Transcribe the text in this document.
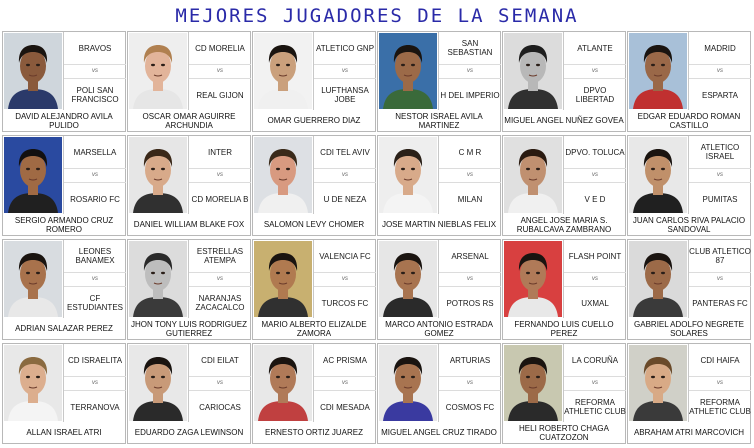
MEJORES JUGADORES DE LA SEMANA
BRAVOS
vs
POLI SAN FRANCISCO
DAVID ALEJANDRO AVILA PULIDO
CD MORELIA
vs
REAL GIJON
OSCAR OMAR AGUIRRE ARCHUNDIA
ATLETICO GNP
vs
LUFTHANSA JOBE
OMAR GUERRERO DIAZ
SAN SEBASTIAN
vs
H DEL IMPERIO
NESTOR ISRAEL AVILA MARTINEZ
ATLANTE
vs
DPVO LIBERTAD
MIGUEL ANGEL NUÑEZ GOVEA
MADRID
vs
ESPARTA
EDGAR EDUARDO ROMAN CASTILLO
MARSELLA
vs
ROSARIO FC
SERGIO ARMANDO CRUZ ROMERO
INTER
vs
CD MORELIA B
DANIEL WILLIAM BLAKE FOX
CDI TEL AVIV
vs
U DE NEZA
SALOMON LEVY CHOMER
C M R
vs
MILAN
JOSE MARTIN NIEBLAS FELIX
DPVO. TOLUCA
vs
V E D
ANGEL JOSE MARIA S. RUBALCAVA ZAMBRANO
ATLETICO ISRAEL
vs
PUMITAS
JUAN CARLOS RIVA PALACIO SANDOVAL
LEONES BANAMEX
vs
CF ESTUDIANTES
ADRIAN SALAZAR PEREZ
ESTRELLAS ATEMPA
vs
NARANJAS ZACACALCO
JHON TONY LUIS RODRIGUEZ GUTIERREZ
VALENCIA FC
vs
TURCOS FC
MARIO ALBERTO ELIZALDE ZAMORA
ARSENAL
vs
POTROS RS
MARCO ANTONIO ESTRADA GOMEZ
FLASH POINT
vs
UXMAL
FERNANDO LUIS CUELLO PEREZ
CLUB ATLETICO 87
vs
PANTERAS FC
GABRIEL ADOLFO NEGRETE SOLARES
CD ISRAELITA
vs
TERRANOVA
ALLAN ISRAEL ATRI
CDI EILAT
vs
CARIOCAS
EDUARDO ZAGA LEWINSON
AC PRISMA
vs
CDI MESADA
ERNESTO ORTIZ JUAREZ
ARTURIAS
vs
COSMOS FC
MIGUEL ANGEL CRUZ TIRADO
LA CORUÑA
vs
REFORMA ATHLETIC CLUB
HELI ROBERTO CHAGA CUATZOZON
CDI HAIFA
vs
REFORMA ATHLETIC CLUB
ABRAHAM ATRI MARCOVICH
